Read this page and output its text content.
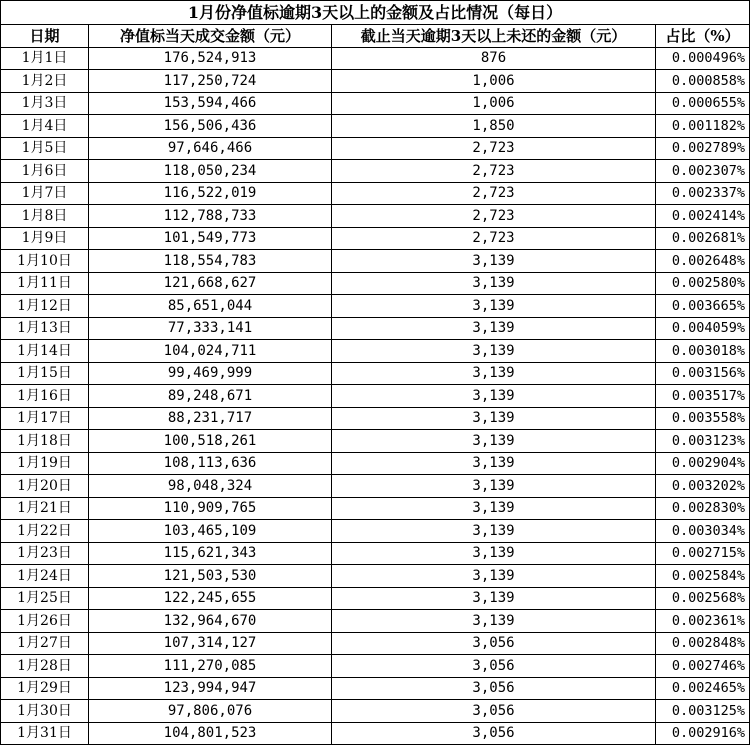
1月份净值标逾期3天以上的金额及占比情况（每日）			
日期	净值标当天成交金额（元）	截止当天逾期3天以上未还的金额（元）	占比（%）
1月1日	176,524,913	876	0.000496%
1月2日	117,250,724	1,006	0.000858%
1月3日	153,594,466	1,006	0.000655%
1月4日	156,506,436	1,850	0.001182%
1月5日	97,646,466	2,723	0.002789%
1月6日	118,050,234	2,723	0.002307%
1月7日	116,522,019	2,723	0.002337%
1月8日	112,788,733	2,723	0.002414%
1月9日	101,549,773	2,723	0.002681%
1月10日	118,554,783	3,139	0.002648%
1月11日	121,668,627	3,139	0.002580%
1月12日	85,651,044	3,139	0.003665%
1月13日	77,333,141	3,139	0.004059%
1月14日	104,024,711	3,139	0.003018%
1月15日	99,469,999	3,139	0.003156%
1月16日	89,248,671	3,139	0.003517%
1月17日	88,231,717	3,139	0.003558%
1月18日	100,518,261	3,139	0.003123%
1月19日	108,113,636	3,139	0.002904%
1月20日	98,048,324	3,139	0.003202%
1月21日	110,909,765	3,139	0.002830%
1月22日	103,465,109	3,139	0.003034%
1月23日	115,621,343	3,139	0.002715%
1月24日	121,503,530	3,139	0.002584%
1月25日	122,245,655	3,139	0.002568%
1月26日	132,964,670	3,139	0.002361%
1月27日	107,314,127	3,056	0.002848%
1月28日	111,270,085	3,056	0.002746%
1月29日	123,994,947	3,056	0.002465%
1月30日	97,806,076	3,056	0.003125%
1月31日	104,801,523	3,056	0.002916%
